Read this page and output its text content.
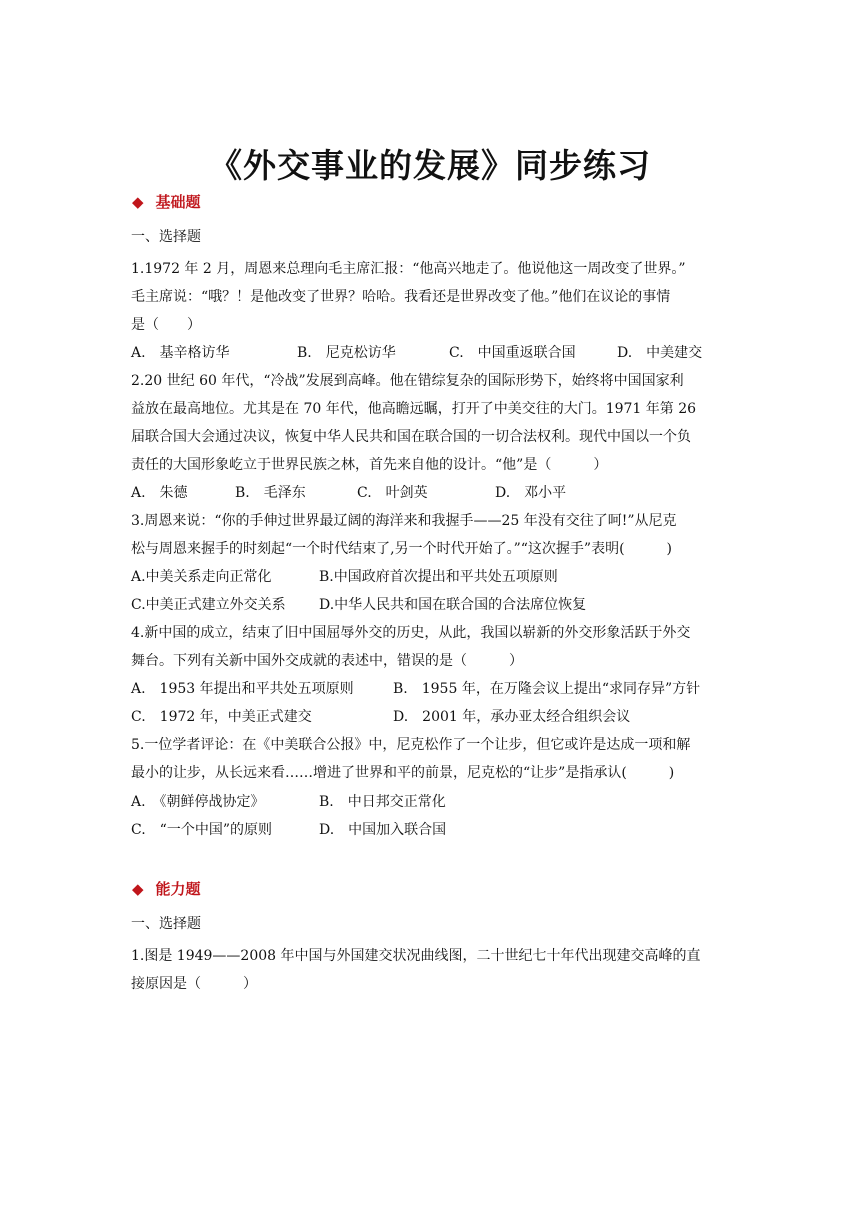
《外交事业的发展》同步练习
◆ 基础题
一、选择题
1.1972 年 2 月，周恩来总理向毛主席汇报：“他高兴地走了。他说他这一周改变了世界。”
毛主席说：“哦？！是他改变了世界？哈哈。我看还是世界改变了他。”他们在议论的事情
是（　　）
A.　基辛格访华	B.　尼克松访华	C.　中国重返联合国	D.　中美建交
2.20 世纪 60 年代，“冷战”发展到高峰。他在错综复杂的国际形势下，始终将中国国家利
益放在最高地位。尤其是在 70 年代，他高瞻远瞩，打开了中美交往的大门。1971 年第 26
届联合国大会通过决议，恢复中华人民共和国在联合国的一切合法权利。现代中国以一个负
责任的大国形象屹立于世界民族之林，首先来自他的设计。“他”是（　　　）
A.　朱德	B.　毛泽东	C.　叶剑英	D.　邓小平
3.周恩来说：“你的手伸过世界最辽阔的海洋来和我握手——25 年没有交往了呵!”从尼克
松与周恩来握手的时刻起“一个时代结束了,另一个时代开始了。”“这次握手”表明(　　　)
A.中美关系走向正常化	B.中国政府首次提出和平共处五项原则
C.中美正式建立外交关系 D.中华人民共和国在联合国的合法席位恢复
4.新中国的成立，结束了旧中国屈辱外交的历史，从此，我国以崭新的外交形象活跃于外交
舞台。下列有关新中国外交成就的表述中，错误的是（　　　）
A.　1953 年提出和平共处五项原则	B.　1955 年，在万隆会议上提出“求同存异”方针
C.　1972 年，中美正式建交	D.　2001 年，承办亚太经合组织会议
5.一位学者评论：在《中美联合公报》中，尼克松作了一个让步，但它或许是达成一项和解
最小的让步，从长远来看……增进了世界和平的前景，尼克松的“让步”是指承认(　　　)
A.　《朝鲜停战协定》	B.　中日邦交正常化
C.　“一个中国”的原则	D.　中国加入联合国
◆ 能力题
一、选择题
1.图是 1949——2008 年中国与外国建交状况曲线图，二十世纪七十年代出现建交高峰的直
接原因是（　　　）
